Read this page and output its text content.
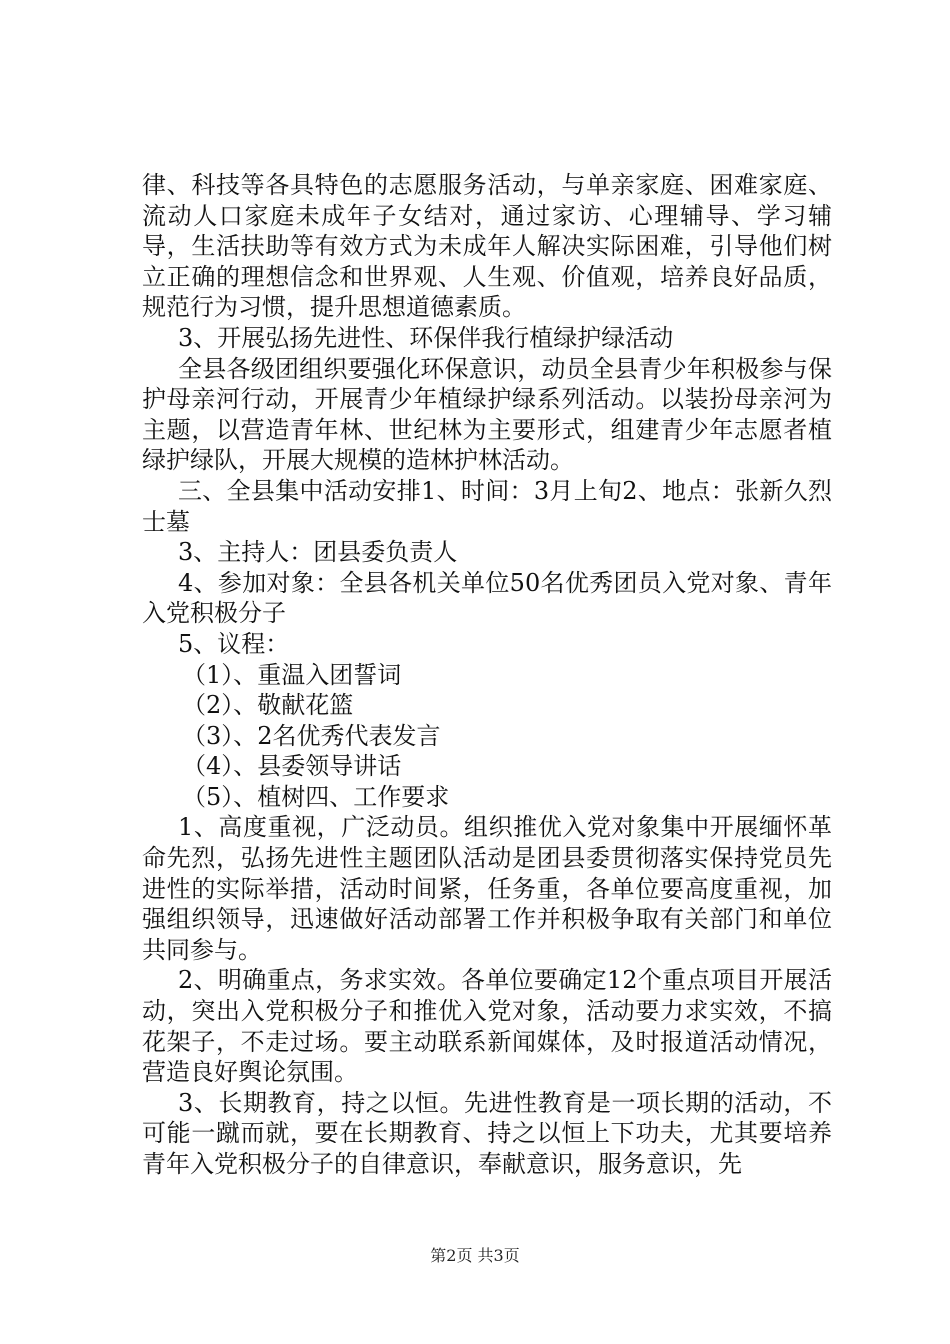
律、科技等各具特色的志愿服务活动，与单亲家庭、困难家庭、流动人口家庭未成年子女结对，通过家访、心理辅导、学习辅导，生活扶助等有效方式为未成年人解决实际困难，引导他们树立正确的理想信念和世界观、人生观、价值观，培养良好品质，规范行为习惯，提升思想道德素质。

3、开展弘扬先进性、环保伴我行植绿护绿活动

全县各级团组织要强化环保意识，动员全县青少年积极参与保护母亲河行动，开展青少年植绿护绿系列活动。以装扮母亲河为主题，以营造青年林、世纪林为主要形式，组建青少年志愿者植绿护绿队，开展大规模的造林护林活动。

三、全县集中活动安排1、时间：3月上旬2、地点：张新久烈士墓

3、主持人：团县委负责人

4、参加对象：全县各机关单位50名优秀团员入党对象、青年入党积极分子

5、议程：

（1）、重温入团誓词

（2）、敬献花篮

（3）、2名优秀代表发言

（4）、县委领导讲话

（5）、植树四、工作要求

1、高度重视，广泛动员。组织推优入党对象集中开展缅怀革命先烈，弘扬先进性主题团队活动是团县委贯彻落实保持党员先进性的实际举措，活动时间紧，任务重，各单位要高度重视，加强组织领导，迅速做好活动部署工作并积极争取有关部门和单位共同参与。

2、明确重点，务求实效。各单位要确定12个重点项目开展活动，突出入党积极分子和推优入党对象，活动要力求实效，不搞花架子，不走过场。要主动联系新闻媒体，及时报道活动情况，营造良好舆论氛围。

3、长期教育，持之以恒。先进性教育是一项长期的活动，不可能一蹴而就，要在长期教育、持之以恒上下功夫，尤其要培养青年入党积极分子的自律意识，奉献意识，服务意识，先

第2页 共3页
